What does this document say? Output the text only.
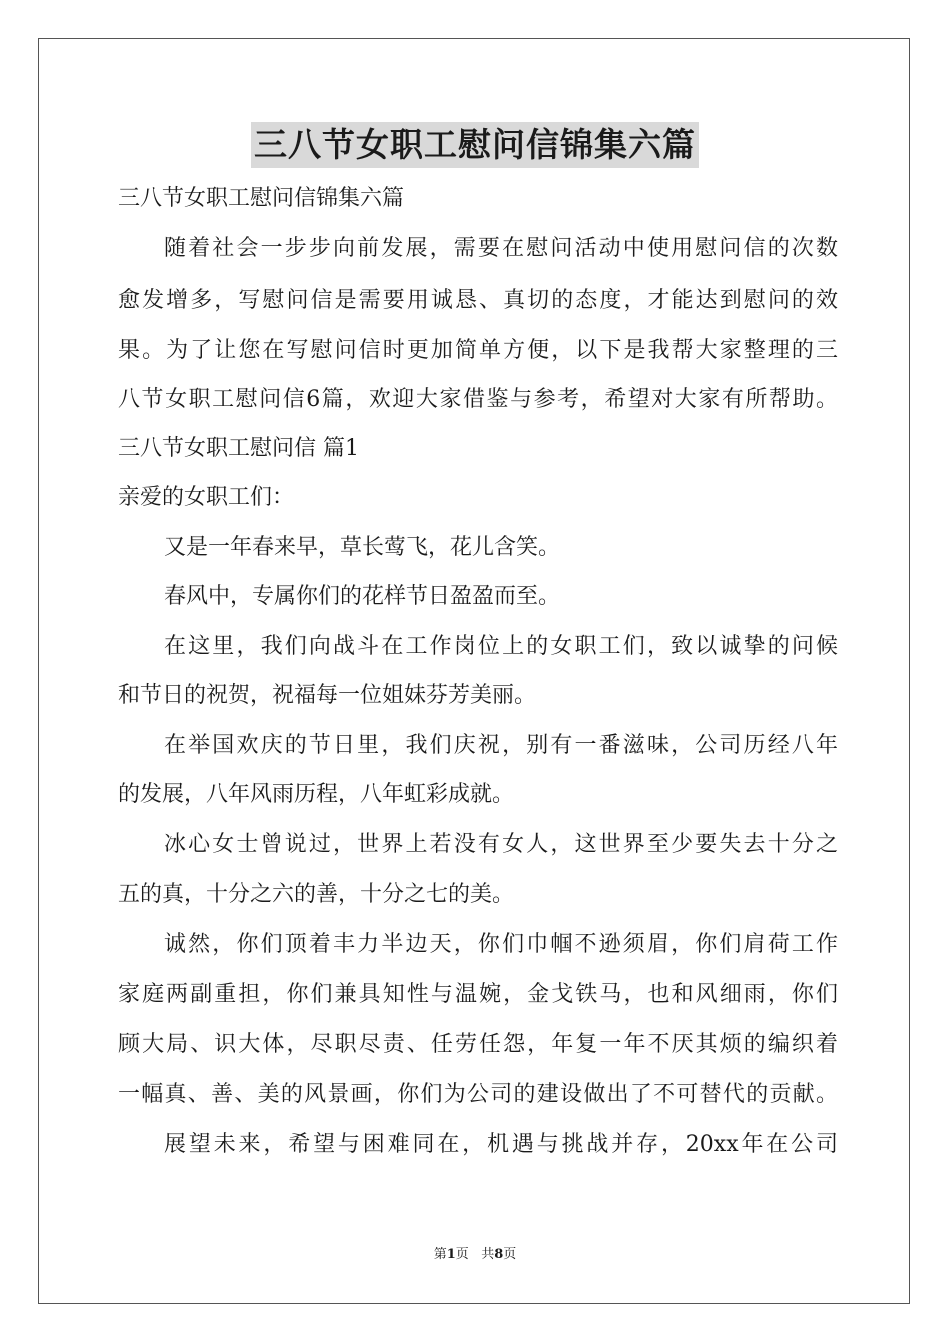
三八节女职工慰问信锦集六篇
三八节女职工慰问信锦集六篇
随着社会一步步向前发展，需要在慰问活动中使用慰问信的次数
愈发增多，写慰问信是需要用诚恳、真切的态度，才能达到慰问的效
果。为了让您在写慰问信时更加简单方便，以下是我帮大家整理的三
八节女职工慰问信6篇，欢迎大家借鉴与参考，希望对大家有所帮助。
三八节女职工慰问信 篇1
亲爱的女职工们：
又是一年春来早，草长莺飞，花儿含笑。
春风中，专属你们的花样节日盈盈而至。
在这里，我们向战斗在工作岗位上的女职工们，致以诚挚的问候
和节日的祝贺，祝福每一位姐妹芬芳美丽。
在举国欢庆的节日里，我们庆祝，别有一番滋味，公司历经八年
的发展，八年风雨历程，八年虹彩成就。
冰心女士曾说过，世界上若没有女人，这世界至少要失去十分之
五的真，十分之六的善，十分之七的美。
诚然，你们顶着丰力半边天，你们巾帼不逊须眉，你们肩荷工作
家庭两副重担，你们兼具知性与温婉，金戈铁马，也和风细雨，你们
顾大局、识大体，尽职尽责、任劳任怨，年复一年不厌其烦的编织着
一幅真、善、美的风景画，你们为公司的建设做出了不可替代的贡献。
展望未来，希望与困难同在，机遇与挑战并存，20xx年在公司
第1页 共8页
